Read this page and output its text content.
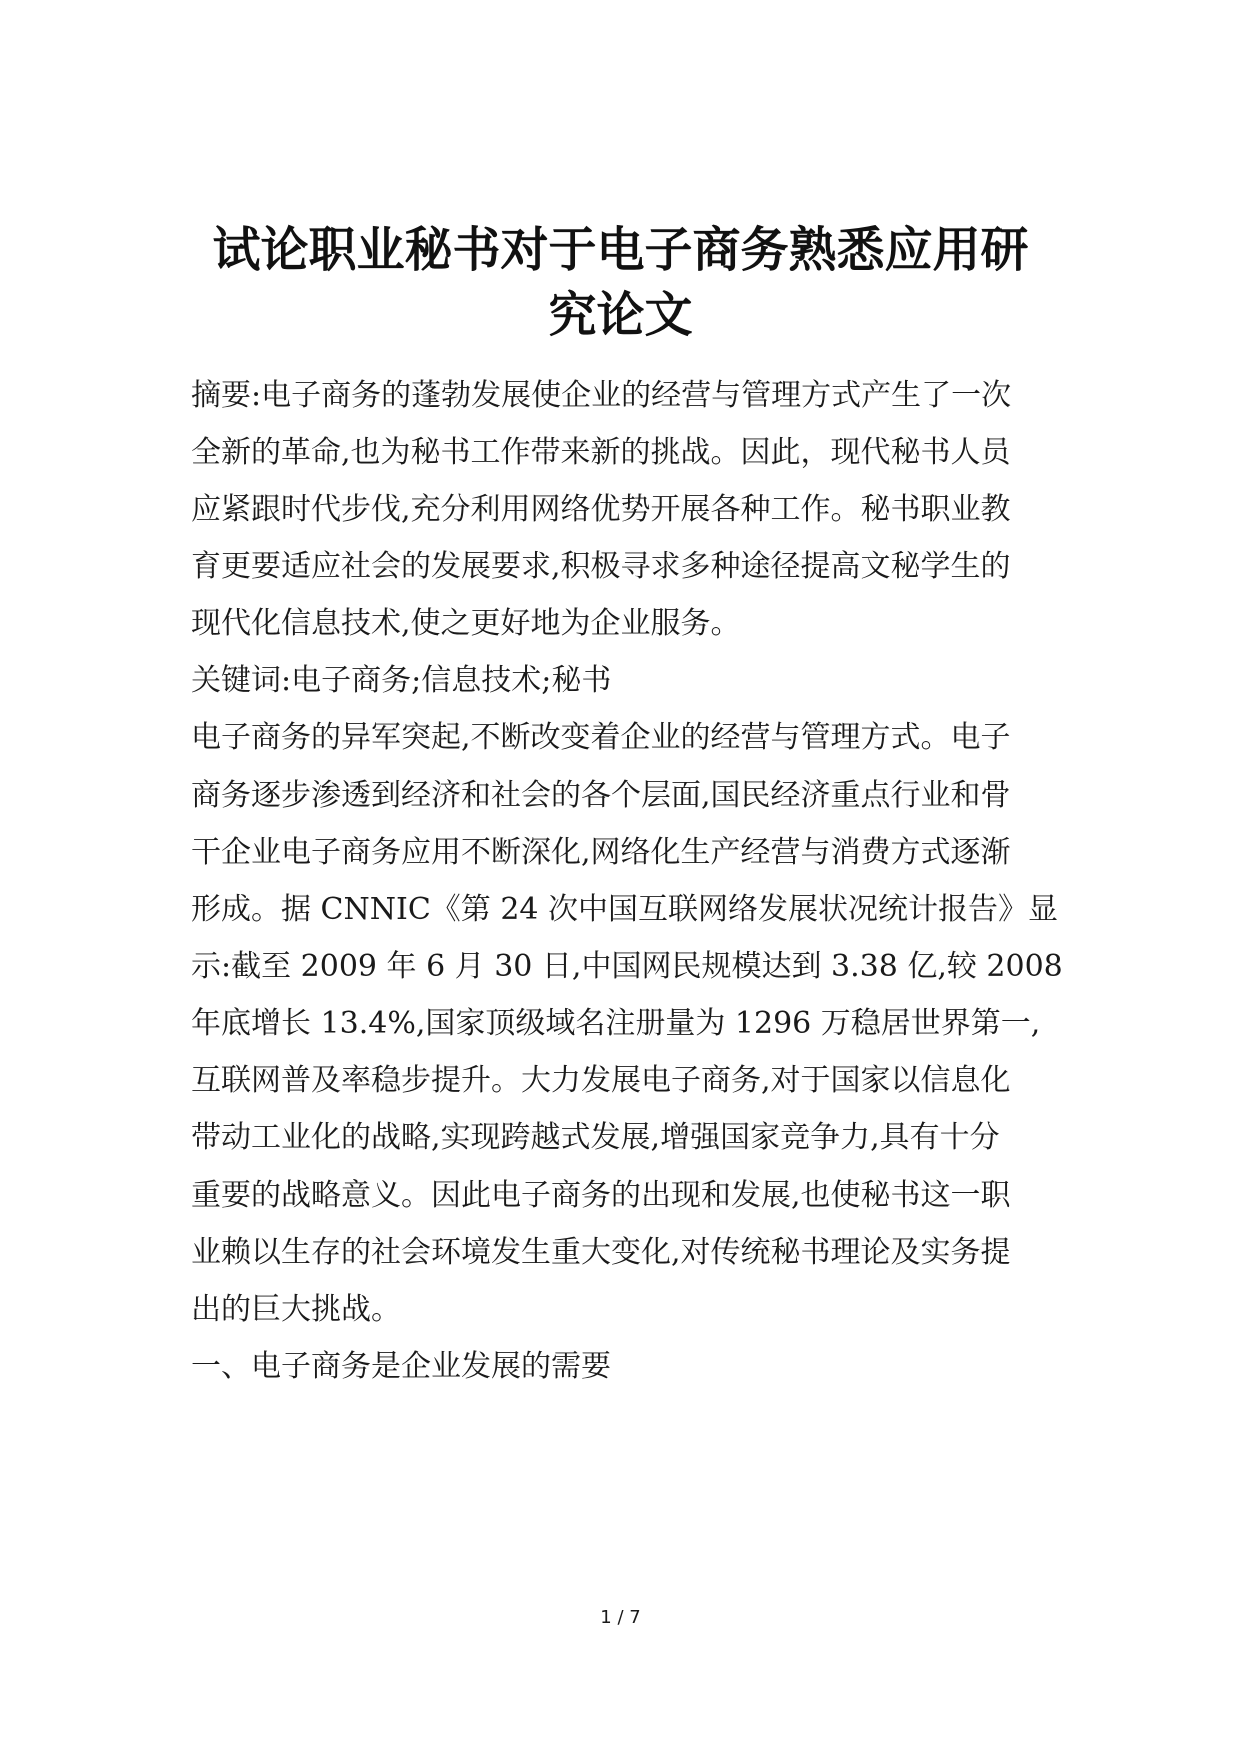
试论职业秘书对于电子商务熟悉应用研
究论文
摘要:电子商务的蓬勃发展使企业的经营与管理方式产生了一次
全新的革命,也为秘书工作带来新的挑战。因此，现代秘书人员
应紧跟时代步伐,充分利用网络优势开展各种工作。秘书职业教
育更要适应社会的发展要求,积极寻求多种途径提高文秘学生的
现代化信息技术,使之更好地为企业服务。
关键词:电子商务;信息技术;秘书
电子商务的异军突起,不断改变着企业的经营与管理方式。电子
商务逐步渗透到经济和社会的各个层面,国民经济重点行业和骨
干企业电子商务应用不断深化,网络化生产经营与消费方式逐渐
形成。据 CNNIC《第 24 次中国互联网络发展状况统计报告》显
示:截至 2009 年 6 月 30 日,中国网民规模达到 3.38 亿,较 2008
年底增长 13.4%,国家顶级域名注册量为 1296 万稳居世界第一,
互联网普及率稳步提升。大力发展电子商务,对于国家以信息化
带动工业化的战略,实现跨越式发展,增强国家竞争力,具有十分
重要的战略意义。因此电子商务的出现和发展,也使秘书这一职
业赖以生存的社会环境发生重大变化,对传统秘书理论及实务提
出的巨大挑战。
一、电子商务是企业发展的需要
1 / 7
